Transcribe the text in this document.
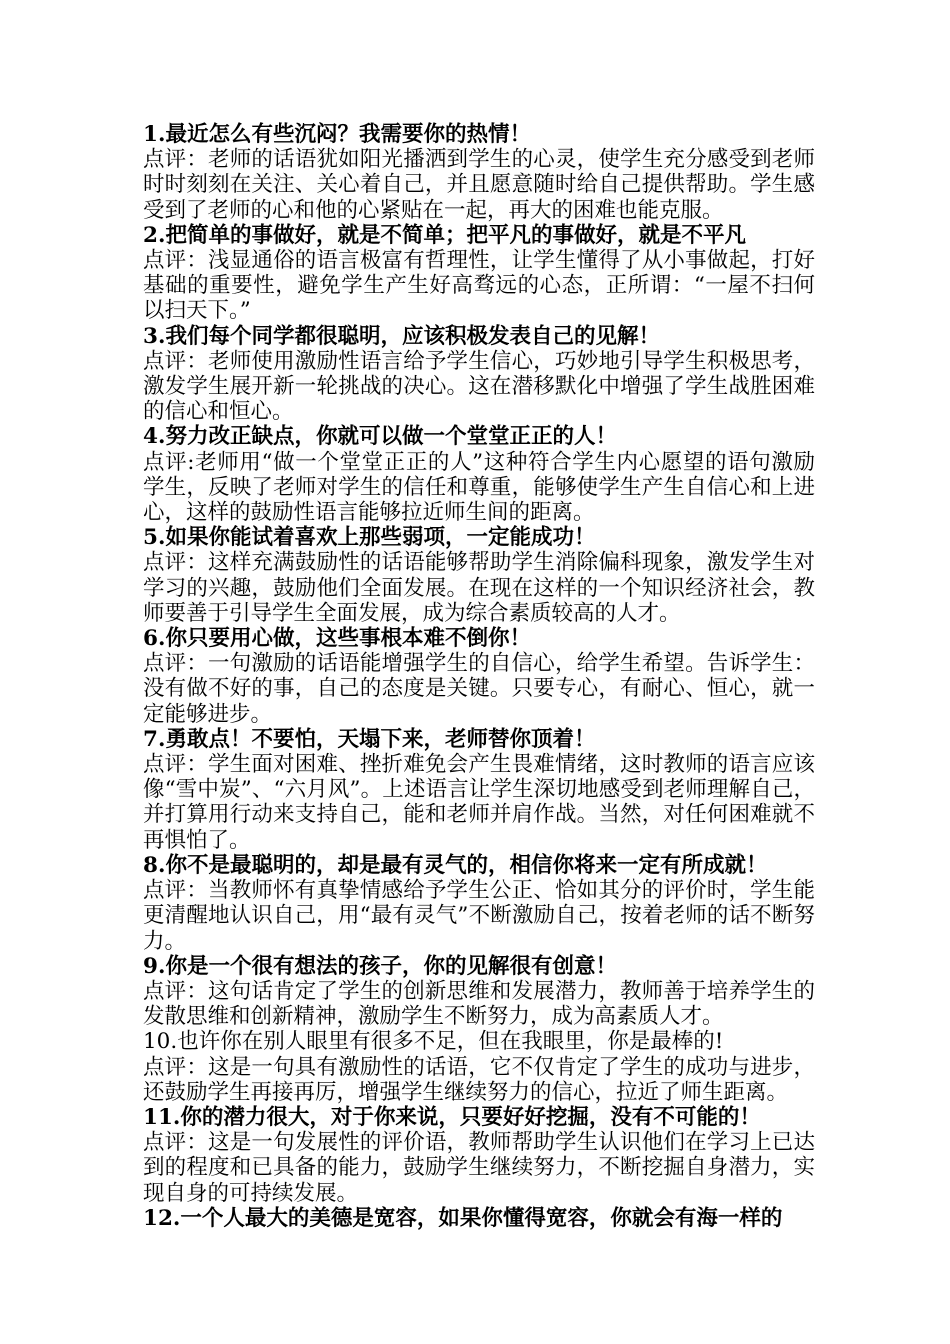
1.最近怎么有些沉闷？我需要你的热情！

点评：老师的话语犹如阳光播洒到学生的心灵，使学生充分感受到老师时时刻刻在关注、关心着自己，并且愿意随时给自己提供帮助。学生感受到了老师的心和他的心紧贴在一起，再大的困难也能克服。

2.把简单的事做好，就是不简单；把平凡的事做好，就是不平凡

点评：浅显通俗的语言极富有哲理性，让学生懂得了从小事做起，打好基础的重要性，避免学生产生好高骛远的心态，正所谓：“一屋不扫何以扫天下。”

3.我们每个同学都很聪明，应该积极发表自己的见解！

点评：老师使用激励性语言给予学生信心，巧妙地引导学生积极思考，激发学生展开新一轮挑战的决心。这在潜移默化中增强了学生战胜困难的信心和恒心。

4.努力改正缺点，你就可以做一个堂堂正正的人！

点评:老师用“做一个堂堂正正的人”这种符合学生内心愿望的语句激励学生，反映了老师对学生的信任和尊重，能够使学生产生自信心和上进心，这样的鼓励性语言能够拉近师生间的距离。

5.如果你能试着喜欢上那些弱项，一定能成功！

点评：这样充满鼓励性的话语能够帮助学生消除偏科现象，激发学生对学习的兴趣，鼓励他们全面发展。在现在这样的一个知识经济社会，教师要善于引导学生全面发展，成为综合素质较高的人才。

6.你只要用心做，这些事根本难不倒你！

点评：一句激励的话语能增强学生的自信心，给学生希望。告诉学生：没有做不好的事，自己的态度是关键。只要专心，有耐心、恒心，就一定能够进步。

7.勇敢点！不要怕，天塌下来，老师替你顶着！

点评：学生面对困难、挫折难免会产生畏难情绪，这时教师的语言应该像“雪中炭”、“六月风”。上述语言让学生深切地感受到老师理解自己，并打算用行动来支持自己，能和老师并肩作战。当然，对任何困难就不再惧怕了。

8.你不是最聪明的，却是最有灵气的，相信你将来一定有所成就！

点评：当教师怀有真挚情感给予学生公正、恰如其分的评价时，学生能更清醒地认识自己，用“最有灵气”不断激励自己，按着老师的话不断努力。

9.你是一个很有想法的孩子，你的见解很有创意！

点评：这句话肯定了学生的创新思维和发展潜力，教师善于培养学生的发散思维和创新精神，激励学生不断努力，成为高素质人才。

10.也许你在别人眼里有很多不足，但在我眼里，你是最棒的!

点评：这是一句具有激励性的话语，它不仅肯定了学生的成功与进步，还鼓励学生再接再厉，增强学生继续努力的信心，拉近了师生距离。

11.你的潜力很大，对于你来说，只要好好挖掘，没有不可能的！

点评：这是一句发展性的评价语，教师帮助学生认识他们在学习上已达到的程度和已具备的能力，鼓励学生继续努力，不断挖掘自身潜力，实现自身的可持续发展。

12.一个人最大的美德是宽容，如果你懂得宽容，你就会有海一样的
